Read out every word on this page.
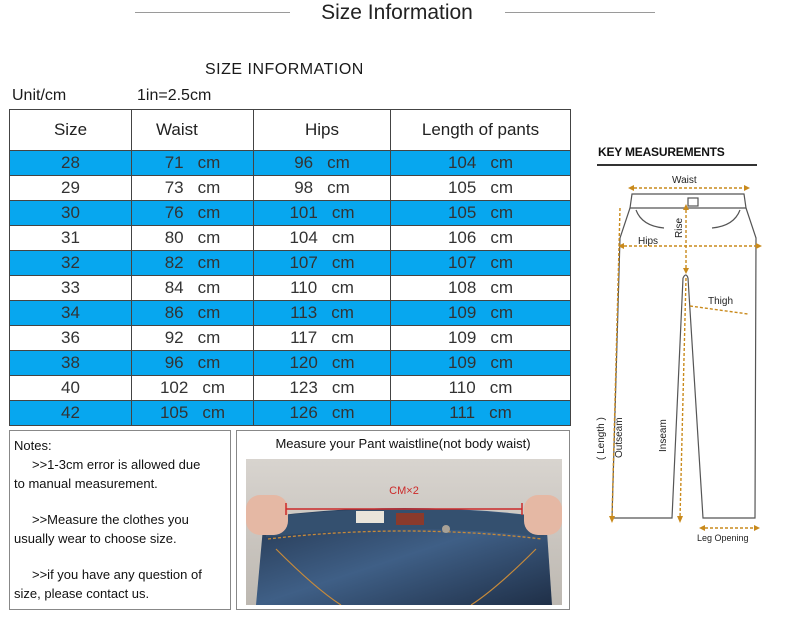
Size Information
SIZE INFORMATION
Unit/cm	1in=2.5cm
Size	Waist	Hips	Length of pants
28	71 cm	96 cm	104 cm
29	73 cm	98 cm	105 cm
30	76 cm	101 cm	105 cm
31	80 cm	104 cm	106 cm
32	82 cm	107 cm	107 cm
33	84 cm	110 cm	108 cm
34	86 cm	113 cm	109 cm
36	92 cm	117 cm	109 cm
38	96 cm	120 cm	109 cm
40	102 cm	123 cm	110 cm
42	105 cm	126 cm	111 cm

Notes:

>>1-3cm error is allowed due

to manual measurement.

>>Measure the clothes you

usually wear to choose size.

>>if you have any question of

size, please contact us.

Measure your Pant waistline(not body waist)
CM×2
KEY MEASUREMENTS
Waist
Rise
Hips
Thigh
( Length ) Outseam	Inseam
Leg Opening
